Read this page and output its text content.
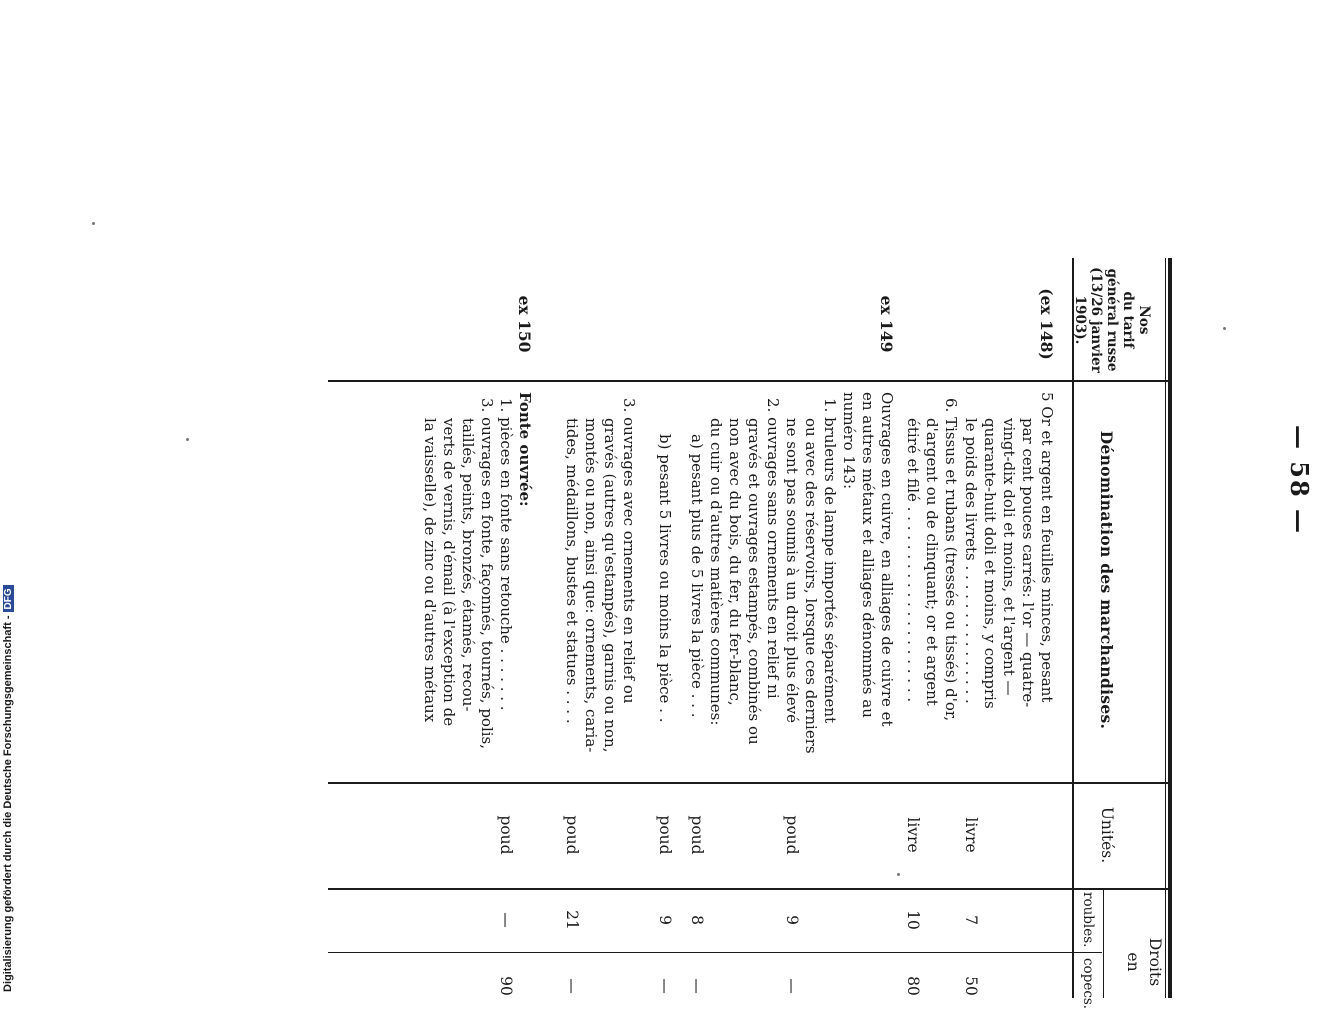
— 58 —
Nos
du tarif
général russe
(13/26 janvier
1903).
Dénomination des marchandises.
Unités.
Droits
en
roubles.
copecs.
(ex 148)
5 Or et argent en feuilles minces, pesant
par cent pouces carrés: l'or — quatre-
vingt-dix doli et moins, et l'argent —
quarante-huit doli et moins, y compris
le poids des livrets . . . . . . . . . . . . . . .
livre
7
50
6. Tissus et rubans (tressés ou tissés) d'or,
d'argent ou de clinquant; or et argent
étiré et filé . . . . . . . . . . . . . . . . . . . . .
livre
10
80
ex 149
Ouvrages en cuivre, en alliages de cuivre et
en autres métaux et alliages dénommés au
numéro 143:
1. bruleurs de lampe importés séparément
ou avec des réservoirs, lorsque ces derniers
ne sont pas soumis à un droit plus élevé
poud
9
—
2. ouvrages sans ornements en relief ni
gravés et ouvrages estampés, combinés ou
non avec du bois, du fer, du fer-blanc,
du cuir ou d'autres matières communes:
a) pesant plus de 5 livres la pièce . . .
poud
8
—
b) pesant 5 livres ou moins la pièce . .
poud
9
—
3. ouvrages avec ornements en relief ou
gravés (autres qu'estampés), garnis ou non,
montés ou non, ainsi que: ornements, caria-
tides, médaillons, bustes et statues . . . .
poud
21
—
ex 150
Fonte ouvrée:
1. pièces en fonte sans retouche . . . . . . .
poud
—
90
3. ouvrages en fonte, façonnés, tournés, polis,
taillés, peints, bronzés, étamés, recou-
verts de vernis, d'émail (à l'exception de
la vaisselle), de zinc ou d'autres métaux
Digitalisierung gefördert durch die Deutsche Forschungsgemeinschaft -DFG
